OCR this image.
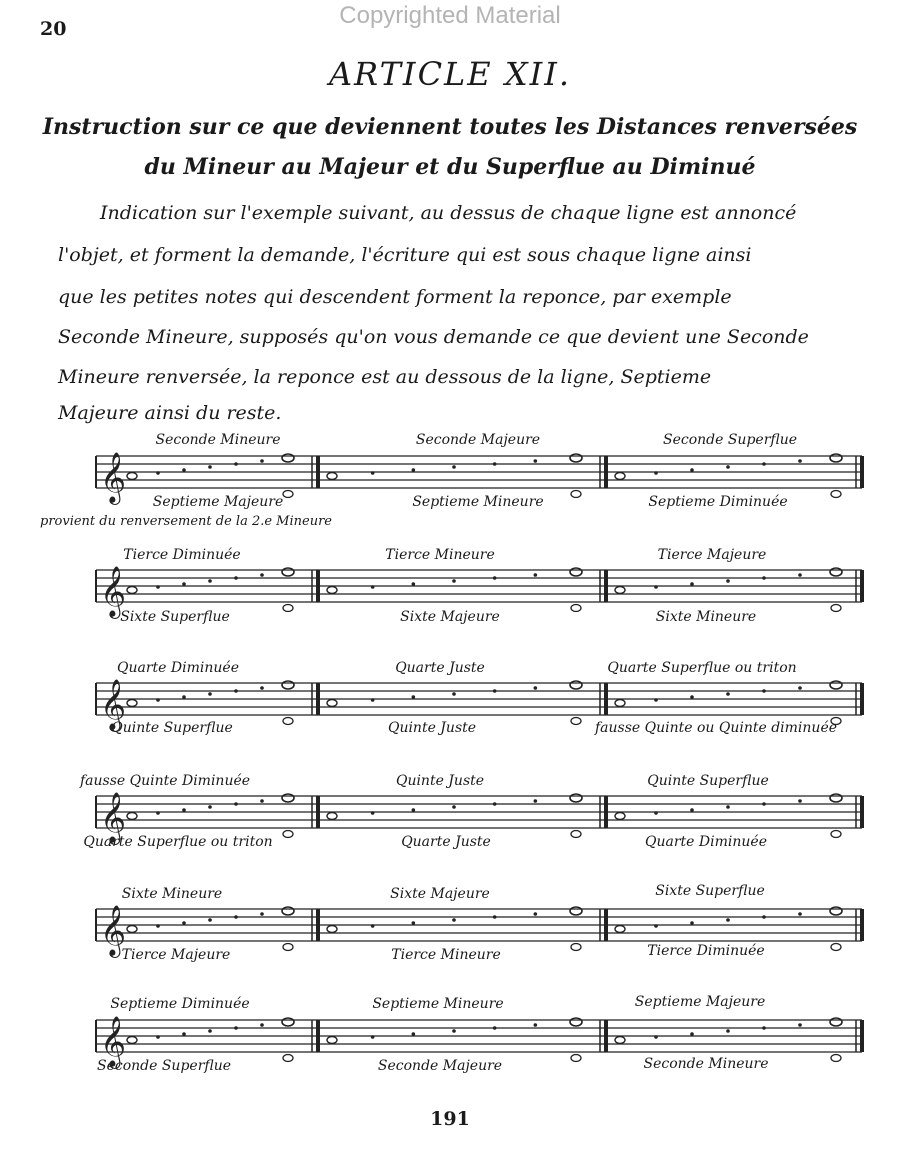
Copyrighted Material
20
ARTICLE XII.
Instruction sur ce que deviennent toutes les Distances renversées
du Mineur au Majeur et du Superflue au Diminué
Indication sur l'exemple suivant, au dessus de chaque ligne est annoncé
l'objet, et forment la demande, l'écriture qui est sous chaque ligne ainsi
que les petites notes qui descendent forment la reponce, par exemple
Seconde Mineure, supposés qu'on vous demande ce que devient une Seconde
Mineure renversée, la reponce est au dessous de la ligne, Septieme
Majeure ainsi du reste.
Seconde Mineure	Seconde Majeure	Seconde Superflue
Septieme Majeure	Septieme Mineure	Septieme Diminuée
provient du renversement de la 2.e Mineure
Tierce Diminuée	Tierce Mineure	Tierce Majeure
Sixte Superflue	Sixte Majeure	Sixte Mineure
Quarte Diminuée	Quarte Juste	Quarte Superflue ou triton
Quinte Superflue	Quinte Juste	fausse Quinte ou Quinte diminuée
fausse Quinte Diminuée	Quinte Juste	Quinte Superflue
Quarte Superflue ou triton	Quarte Juste	Quarte Diminuée
Sixte Mineure	Sixte Majeure	Sixte Superflue
Tierce Majeure	Tierce Mineure	Tierce Diminuée
Septieme Diminuée	Septieme Mineure	Septieme Majeure
Seconde Superflue	Seconde Majeure	Seconde Mineure
191
𝄞
𝄞
𝄞
𝄞
𝄞
𝄞
